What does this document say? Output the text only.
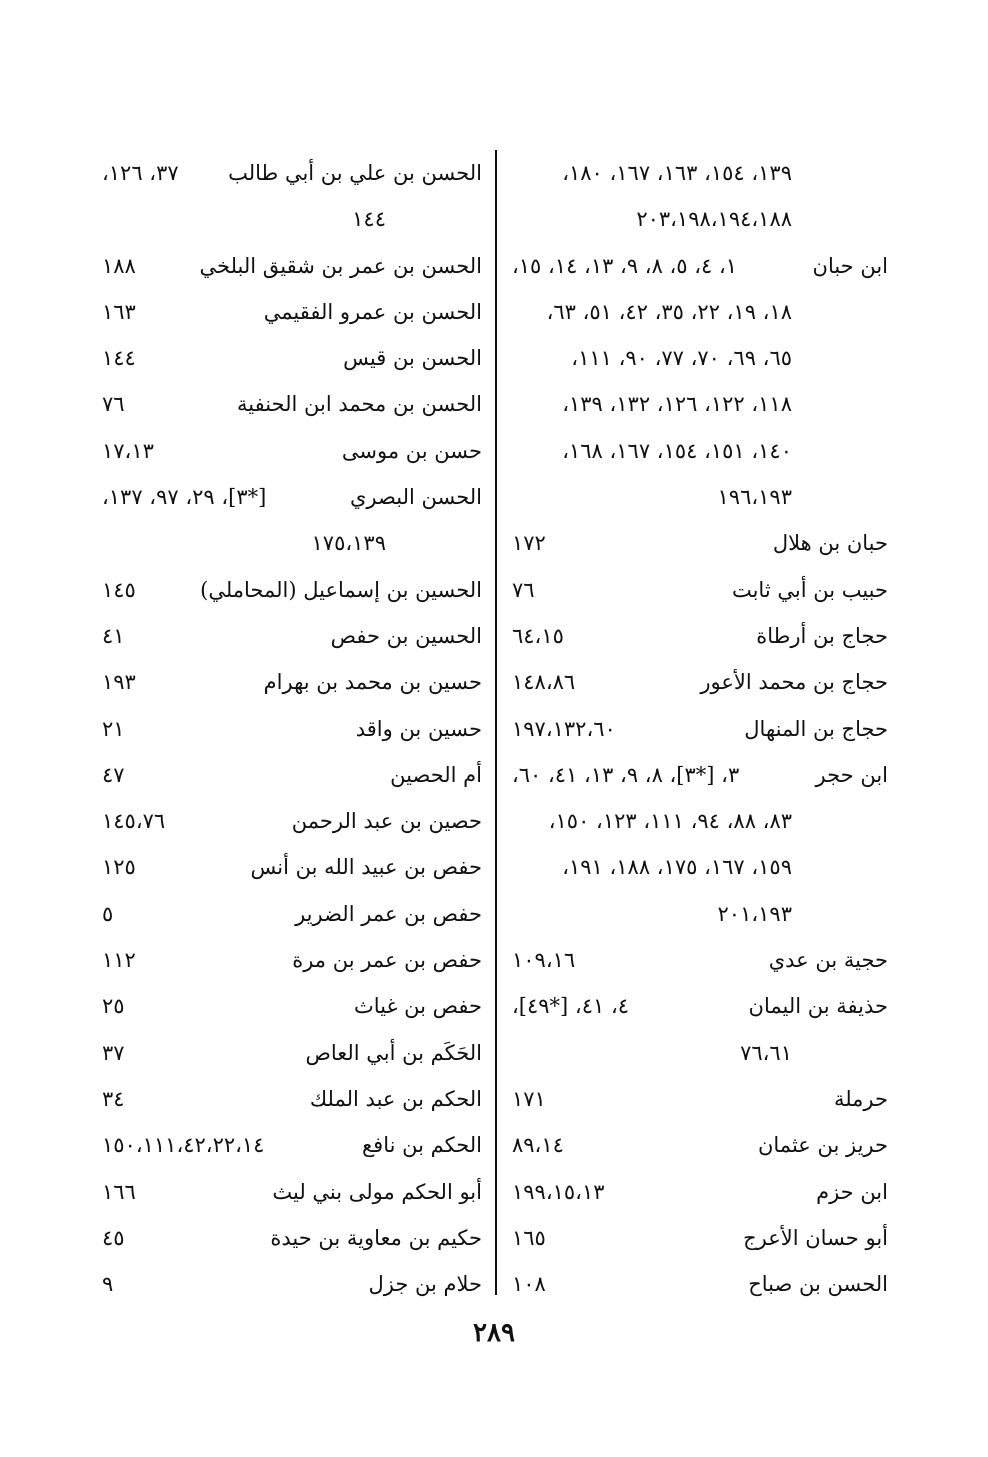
١٣٩، ١٥٤، ١٦٣، ١٦٧، ١٨٠،
٢٠٣،١٩٨،١٩٤،١٨٨
ابن حبان
١، ٤، ٥، ٨، ٩، ١٣، ١٤، ١٥،
١٨، ١٩، ٢٢، ٣٥، ٤٢، ٥١، ٦٣،
٦٥، ٦٩، ٧٠، ٧٧، ٩٠، ١١١،
١١٨، ١٢٢، ١٢٦، ١٣٢، ١٣٩،
١٤٠، ١٥١، ١٥٤، ١٦٧، ١٦٨،
١٩٦،١٩٣
حبان بن هلال
١٧٢
حبيب بن أبي ثابت
٧٦
حجاج بن أرطاة
٦٤،١٥
حجاج بن محمد الأعور
١٤٨،٨٦
حجاج بن المنهال
١٩٧،١٣٢،٦٠
ابن حجر
٣، [*٣]، ٨، ٩، ١٣، ٤١، ٦٠،
٨٣، ٨٨، ٩٤، ١١١، ١٢٣، ١٥٠،
١٥٩، ١٦٧، ١٧٥، ١٨٨، ١٩١،
٢٠١،١٩٣
حجية بن عدي
١٠٩،١٦
حذيفة بن اليمان
٤، ٤١، [*٤٩]،
٧٦،٦١
حرملة
١٧١
حريز بن عثمان
٨٩،١٤
ابن حزم
١٩٩،١٥،١٣
أبو حسان الأعرج
١٦٥
الحسن بن صباح
١٠٨
الحسن بن علي بن أبي طالب
٣٧، ١٢٦،
١٤٤
الحسن بن عمر بن شقيق البلخي
١٨٨
الحسن بن عمرو الفقيمي
١٦٣
الحسن بن قيس
١٤٤
الحسن بن محمد ابن الحنفية
٧٦
حسن بن موسى
١٧،١٣
الحسن البصري
[*٣]، ٢٩، ٩٧، ١٣٧،
١٧٥،١٣٩
الحسين بن إسماعيل (المحاملي)
١٤٥
الحسين بن حفص
٤١
حسين بن محمد بن بهرام
١٩٣
حسين بن واقد
٢١
أم الحصين
٤٧
حصين بن عبد الرحمن
١٤٥،٧٦
حفص بن عبيد الله بن أنس
١٢٥
حفص بن عمر الضرير
٥
حفص بن عمر بن مرة
١١٢
حفص بن غياث
٢٥
الحَكَم بن أبي العاص
٣٧
الحكم بن عبد الملك
٣٤
الحكم بن نافع
١٥٠،١١١،٤٢،٢٢،١٤
أبو الحكم مولى بني ليث
١٦٦
حكيم بن معاوية بن حيدة
٤٥
حلام بن جزل
٩
٢٨٩
